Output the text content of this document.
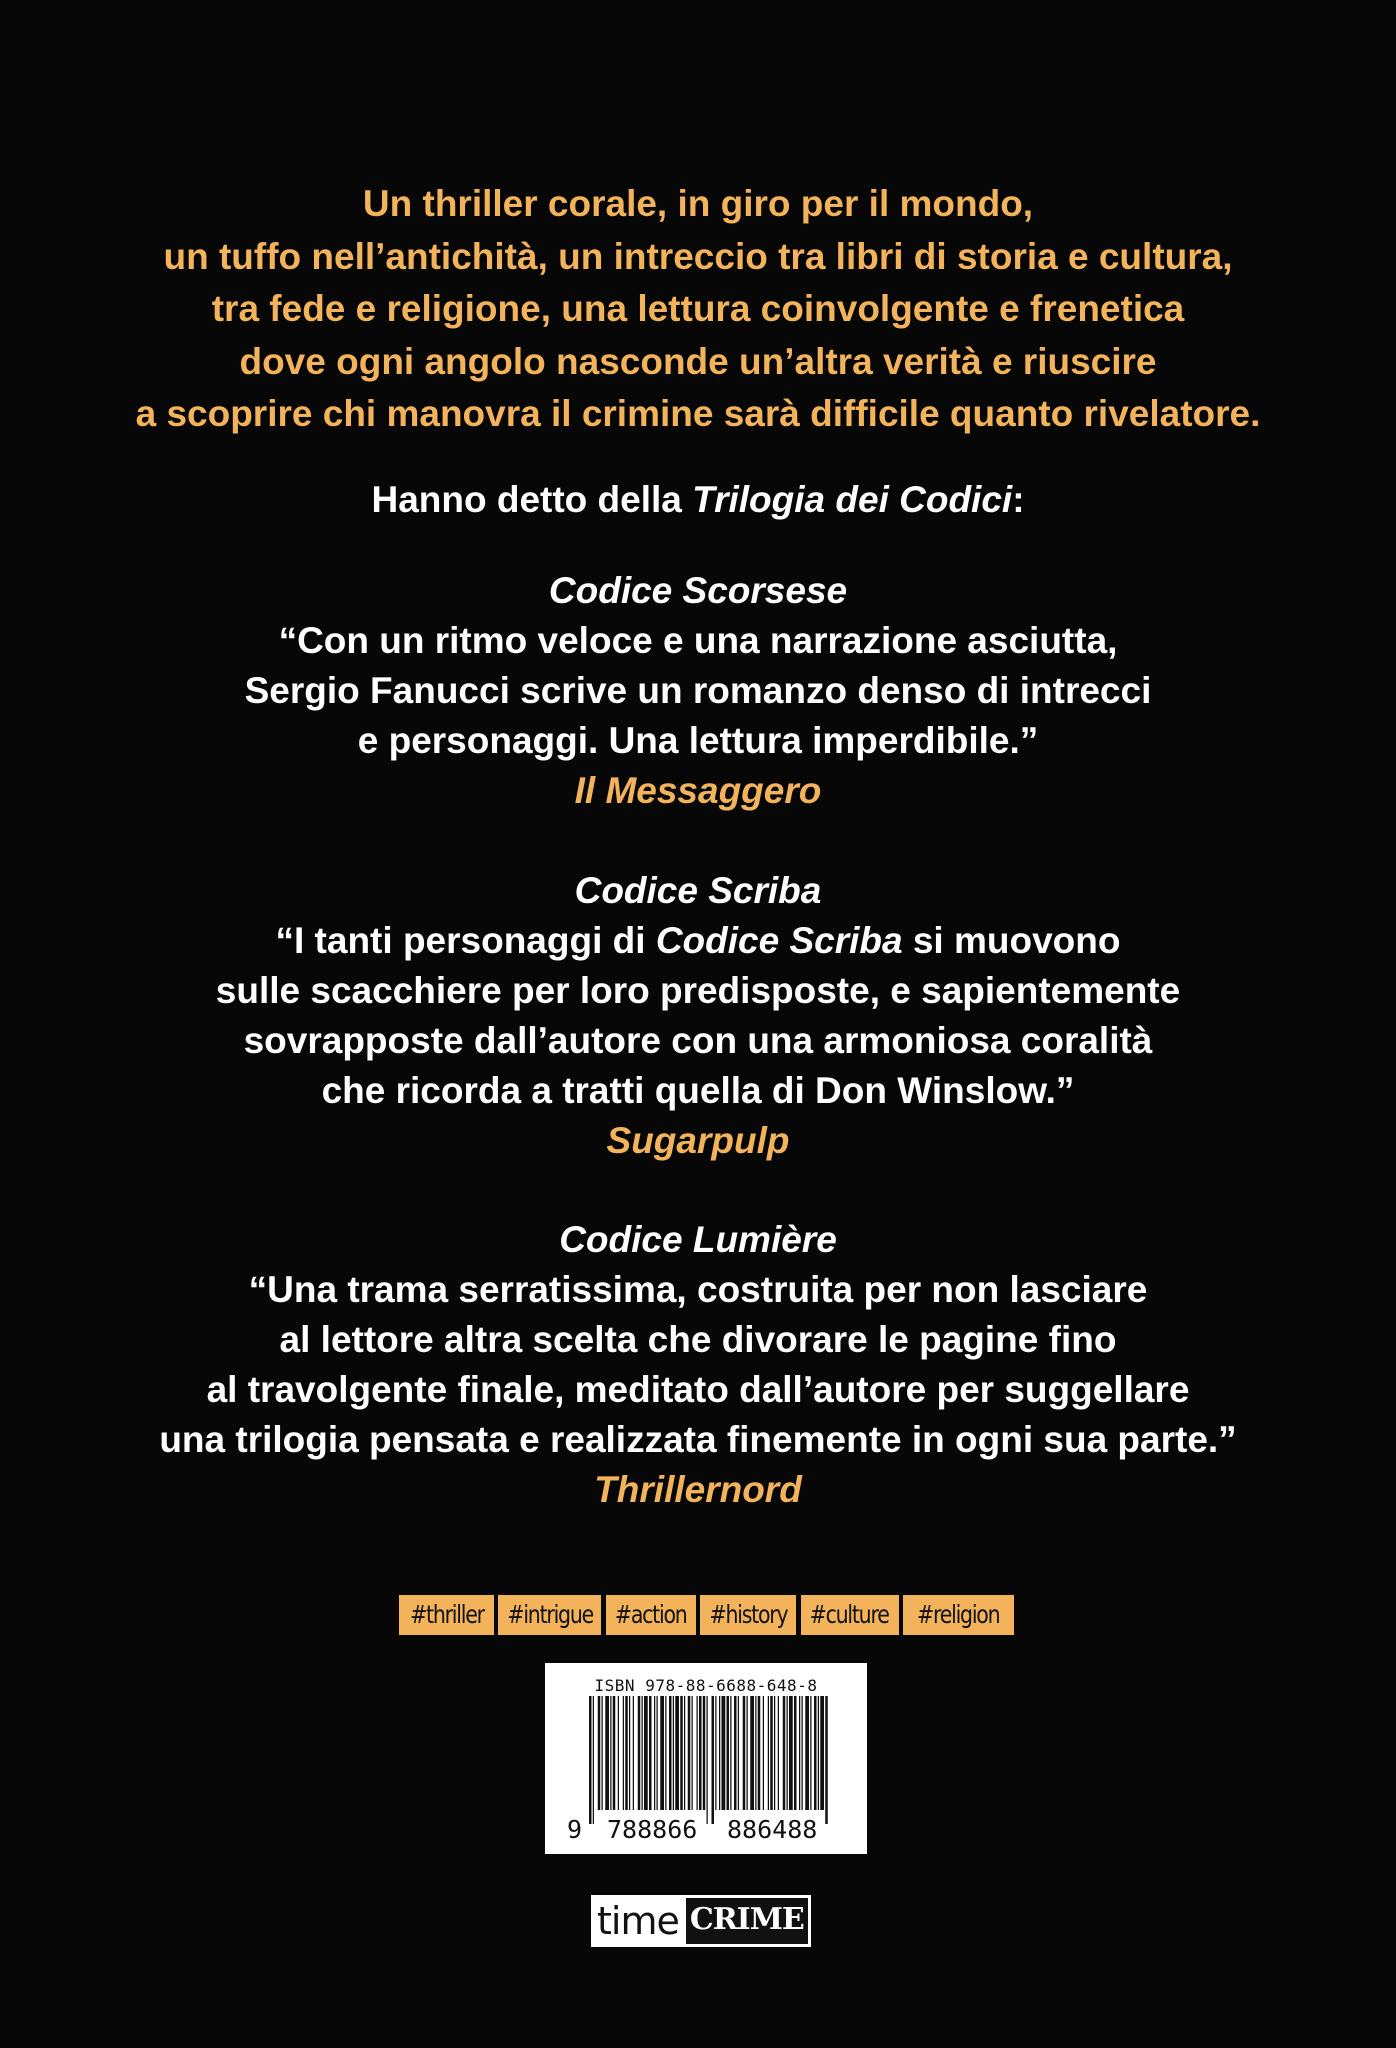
Un thriller corale, in giro per il mondo,
un tuffo nell’antichità, un intreccio tra libri di storia e cultura,
tra fede e religione, una lettura coinvolgente e frenetica
dove ogni angolo nasconde un’altra verità e riuscire
a scoprire chi manovra il crimine sarà difficile quanto rivelatore.
Hanno detto della Trilogia dei Codici:
Codice Scorsese
“Con un ritmo veloce e una narrazione asciutta,
Sergio Fanucci scrive un romanzo denso di intrecci
e personaggi. Una lettura imperdibile.”
Il Messaggero
Codice Scriba
“I tanti personaggi di Codice Scriba si muovono
sulle scacchiere per loro predisposte, e sapientemente
sovrapposte dall’autore con una armoniosa coralità
che ricorda a tratti quella di Don Winslow.”
Sugarpulp
Codice Lumière
“Una trama serratissima, costruita per non lasciare
al lettore altra scelta che divorare le pagine fino
al travolgente finale, meditato dall’autore per suggellare
una trilogia pensata e realizzata finemente in ogni sua parte.”
Thrillernord
#thriller #intrigue #action #history #culture #religion
ISBN 978-88-6688-648-8
9 788866 886488
time CRIME
